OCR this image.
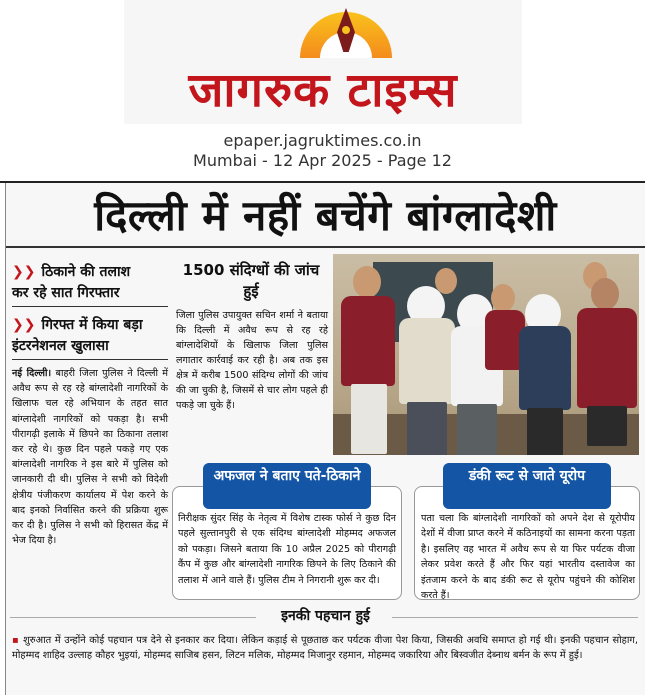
जागरुक टाइम्स
epaper.jagruktimes.co.in
Mumbai - 12 Apr 2025 - Page 12
दिल्ली में नहीं बचेंगे बांग्लादेशी
❯❯ ठिकाने की तलाश
कर रहे सात गिरफ्तार
❯❯ गिरफ्त में किया बड़ा
इंटरनेशनल खुलासा
नई दिल्ली। बाहरी जिला पुलिस ने दिल्ली में अवैध रूप से रह रहे बांग्लादेशी नागरिकों के खिलाफ चल रहे अभियान के तहत सात बांग्लादेशी नागरिकों को पकड़ा है। सभी पीरागढ़ी इलाके में छिपने का ठिकाना तलाश कर रहे थे। कुछ दिन पहले पकड़े गए एक बांग्लादेशी नागरिक ने इस बारे में पुलिस को जानकारी दी थी। पुलिस ने सभी को विदेशी क्षेत्रीय पंजीकरण कार्यालय में पेश करने के बाद इनको निर्वासित करने की प्रक्रिया शुरू कर दी है। पुलिस ने सभी को हिरासत केंद्र में भेज दिया है।
1500 संदिग्धों की जांच हुई
जिला पुलिस उपायुक्त सचिन शर्मा ने बताया कि दिल्ली में अवैध रूप से रह रहे बांग्लादेशियों के खिलाफ जिला पुलिस लगातार कार्रवाई कर रही है। अब तक इस क्षेत्र में करीब 1500 संदिग्ध लोगों की जांच की जा चुकी है, जिसमें से चार लोग पहले ही पकड़े जा चुके हैं।
निरीक्षक सुंदर सिंह के नेतृत्व में विशेष टास्क फोर्स ने कुछ दिन पहले सुल्तानपुरी से एक संदिग्ध बांग्लादेशी मोहम्मद अफजल को पकड़ा। जिसने बताया कि 10 अप्रैल 2025 को पीरागढ़ी कैंप में कुछ और बांग्लादेशी नागरिक छिपने के लिए ठिकाने की तलाश में आने वाले हैं। पुलिस टीम ने निगरानी शुरू कर दी।
अफजल ने बताए पते-ठिकाने
पता चला कि बांग्लादेशी नागरिकों को अपने देश से यूरोपीय देशों में वीजा प्राप्त करने में कठिनाइयों का सामना करना पड़ता है। इसलिए वह भारत में अवैध रूप से या फिर पर्यटक वीजा लेकर प्रवेश करते हैं और फिर यहां भारतीय दस्तावेज का इंतजाम करने के बाद डंकी रूट से यूरोप पहुंचने की कोशिश करते हैं।
डंकी रूट से जाते यूरोप
इनकी पहचान हुई
▪ शुरुआत में उन्होंने कोई पहचान पत्र देने से इनकार कर दिया। लेकिन कड़ाई से पूछताछ कर पर्यटक वीजा पेश किया, जिसकी अवधि समाप्त हो गई थी। इनकी पहचान सोहाग, मोहम्मद शाहिद उल्लाह कौहर भुइयां, मोहम्मद साजिब हसन, लिटन मलिक, मोहम्मद मिजानुर रहमान, मोहम्मद जकारिया और बिस्वजीत देब्नाथ बर्मन के रूप में हुई।
